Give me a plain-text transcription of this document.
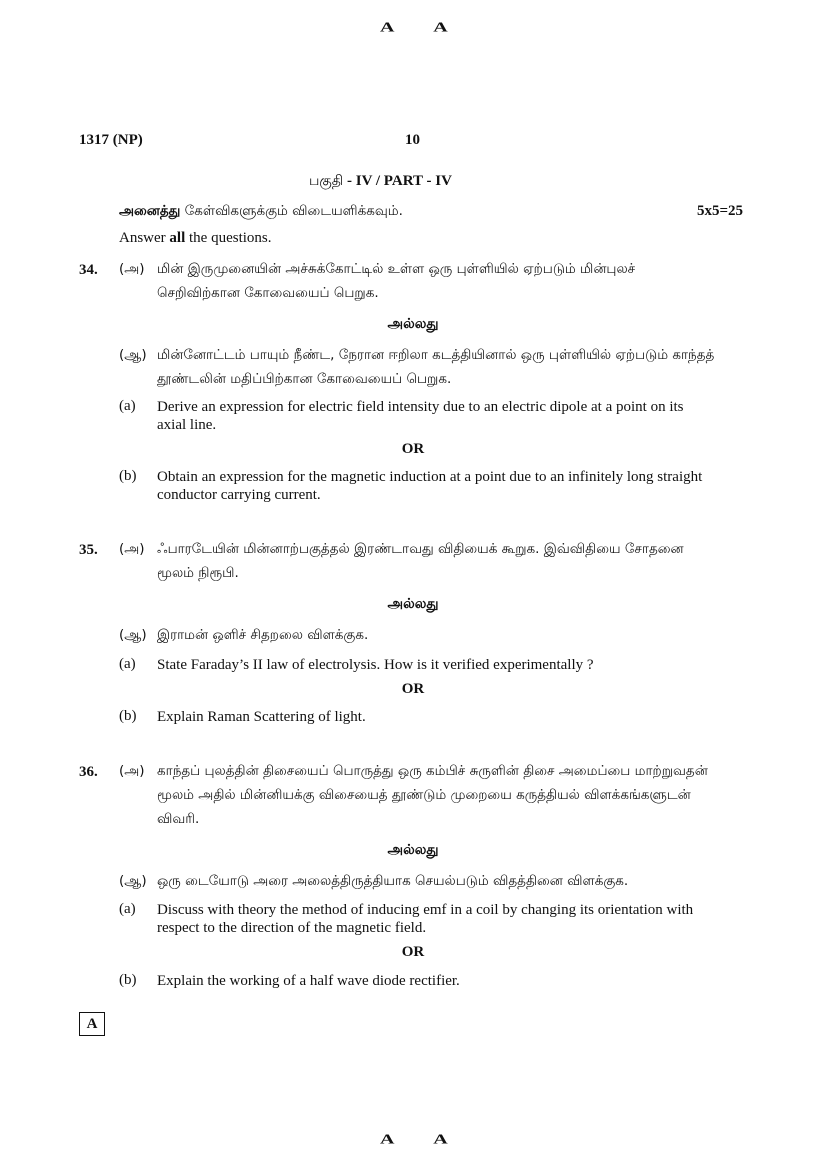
A A
1317 (NP)	10
பகுதி - IV / PART - IV
அனைத்து கேள்விகளுக்கும் விடையளிக்கவும்.	5x5=25
Answer all the questions.
34. (அ) மின் இருமுனையின் அச்சுக்கோட்டில் உள்ள ஒரு புள்ளியில் ஏற்படும் மின்புலச் செறிவிற்கான கோவையைப் பெறுக.
அல்லது
(ஆ) மின்னோட்டம் பாயும் நீண்ட, நேரான ஈறிலா கடத்தியினால் ஒரு புள்ளியில் ஏற்படும் காந்தத் தூண்டலின் மதிப்பிற்கான கோவையைப் பெறுக.
(a) Derive an expression for electric field intensity due to an electric dipole at a point on its axial line.
OR
(b) Obtain an expression for the magnetic induction at a point due to an infinitely long straight conductor carrying current.
35. (அ) ஃபாரடேயின் மின்னாற்பகுத்தல் இரண்டாவது விதியைக் கூறுக. இவ்விதியை சோதனை மூலம் நிரூபி.
அல்லது
(ஆ) இராமன் ஒளிச் சிதறலை விளக்குக.
(a) State Faraday’s II law of electrolysis. How is it verified experimentally ?
OR
(b) Explain Raman Scattering of light.
36. (அ) காந்தப் புலத்தின் திசையைப் பொருத்து ஒரு கம்பிச் சுருளின் திசை அமைப்பை மாற்றுவதன் மூலம் அதில் மின்னியக்கு விசையைத் தூண்டும் முறையை கருத்தியல் விளக்கங்களுடன் விவரி.
அல்லது
(ஆ) ஒரு டையோடு அரை அலைத்திருத்தியாக செயல்படும் விதத்தினை விளக்குக.
(a) Discuss with theory the method of inducing emf in a coil by changing its orientation with respect to the direction of the magnetic field.
OR
(b) Explain the working of a half wave diode rectifier.
A
A A
